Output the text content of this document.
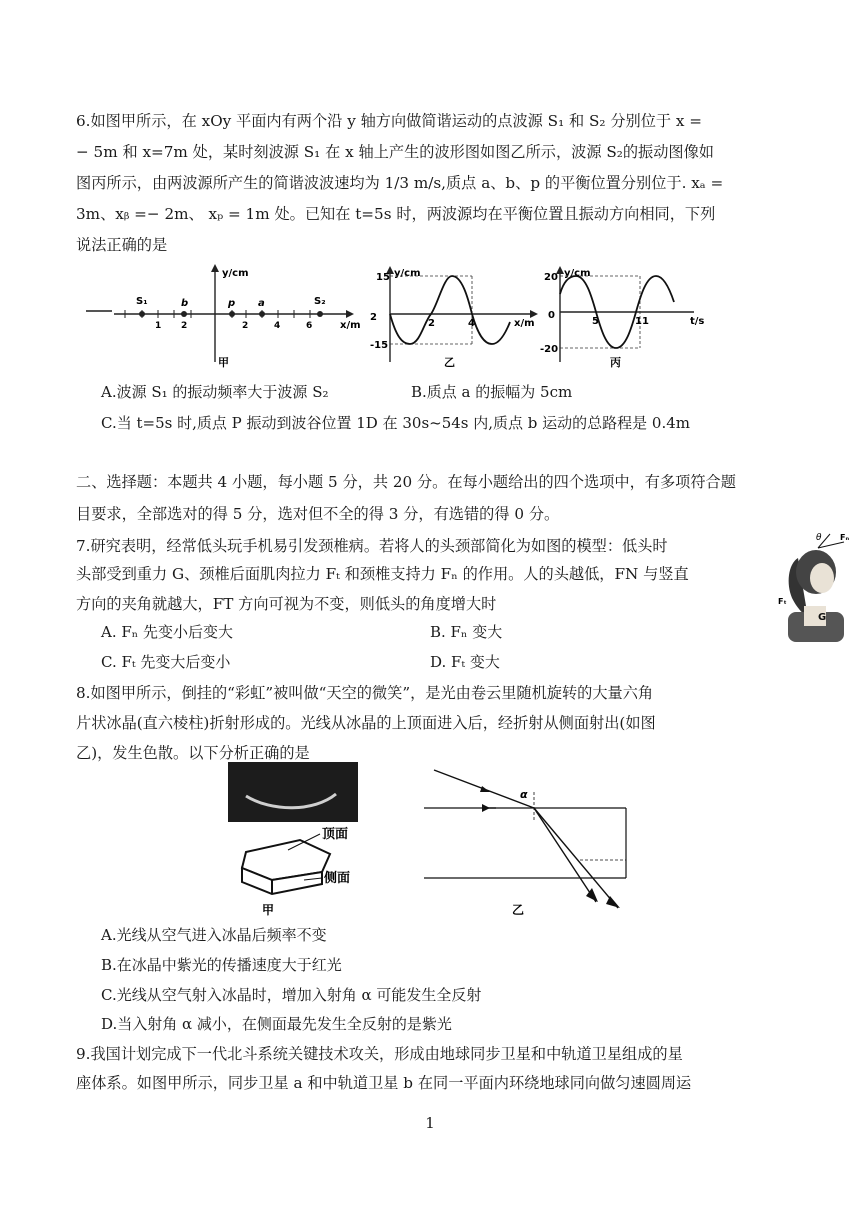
6.如图甲所示，在 xOy 平面内有两个沿 y 轴方向做简谐运动的点波源 S₁ 和 S₂ 分别位于 x =
− 5m 和 x=7m 处，某时刻波源 S₁ 在 x 轴上产生的波形图如图乙所示，波源 S₂的振动图像如
图丙所示，由两波源所产生的简谐波波速均为 1/3 m/s,质点 a、b、p 的平衡位置分别位于. xₐ =
3m、xᵦ =− 2m、 xₚ = 1m 处。已知在 t=5s 时，两波源均在平衡位置且振动方向相同，下列
说法正确的是
y/cm
x/m
S₁	b	p a	S₂
1 2	2	4	6
甲
y/cm
x/m
15
-15
2
2	4
乙
y/cm
t/s
20
-20
0
5	11
丙
A.波源 S₁ 的振动频率大于波源 S₂	B.质点 a 的振幅为 5cm
C.当 t=5s 时,质点 P 振动到波谷位置 1D 在 30s~54s 内,质点 b 运动的总路程是 0.4m
二、选择题：本题共 4 小题，每小题 5 分，共 20 分。在每小题给出的四个选项中，有多项符合题
目要求，全部选对的得 5 分，选对但不全的得 3 分，有选错的得 0 分。
7.研究表明，经常低头玩手机易引发颈椎病。若将人的头颈部简化为如图的模型：低头时
头部受到重力 G、颈椎后面肌肉拉力 Fₜ 和颈椎支持力 Fₙ 的作用。人的头越低，FN 与竖直
方向的夹角就越大，FT 方向可视为不变，则低头的角度增大时
θ Fₙ
Fₜ
G
A. Fₙ 先变小后变大	B. Fₙ 变大
C. Fₜ 先变大后变小	D. Fₜ 变大
8.如图甲所示，倒挂的“彩虹”被叫做“天空的微笑”，是光由卷云里随机旋转的大量六角
片状冰晶(直六棱柱)折射形成的。光线从冰晶的上顶面进入后，经折射从侧面射出(如图
乙)，发生色散。以下分析正确的是
顶面
侧面
甲
α
乙
A.光线从空气进入冰晶后频率不变
B.在冰晶中紫光的传播速度大于红光
C.光线从空气射入冰晶时，增加入射角 α 可能发生全反射
D.当入射角 α 减小，在侧面最先发生全反射的是紫光
9.我国计划完成下一代北斗系统关键技术攻关，形成由地球同步卫星和中轨道卫星组成的星
座体系。如图甲所示，同步卫星 a 和中轨道卫星 b 在同一平面内环绕地球同向做匀速圆周运
1
